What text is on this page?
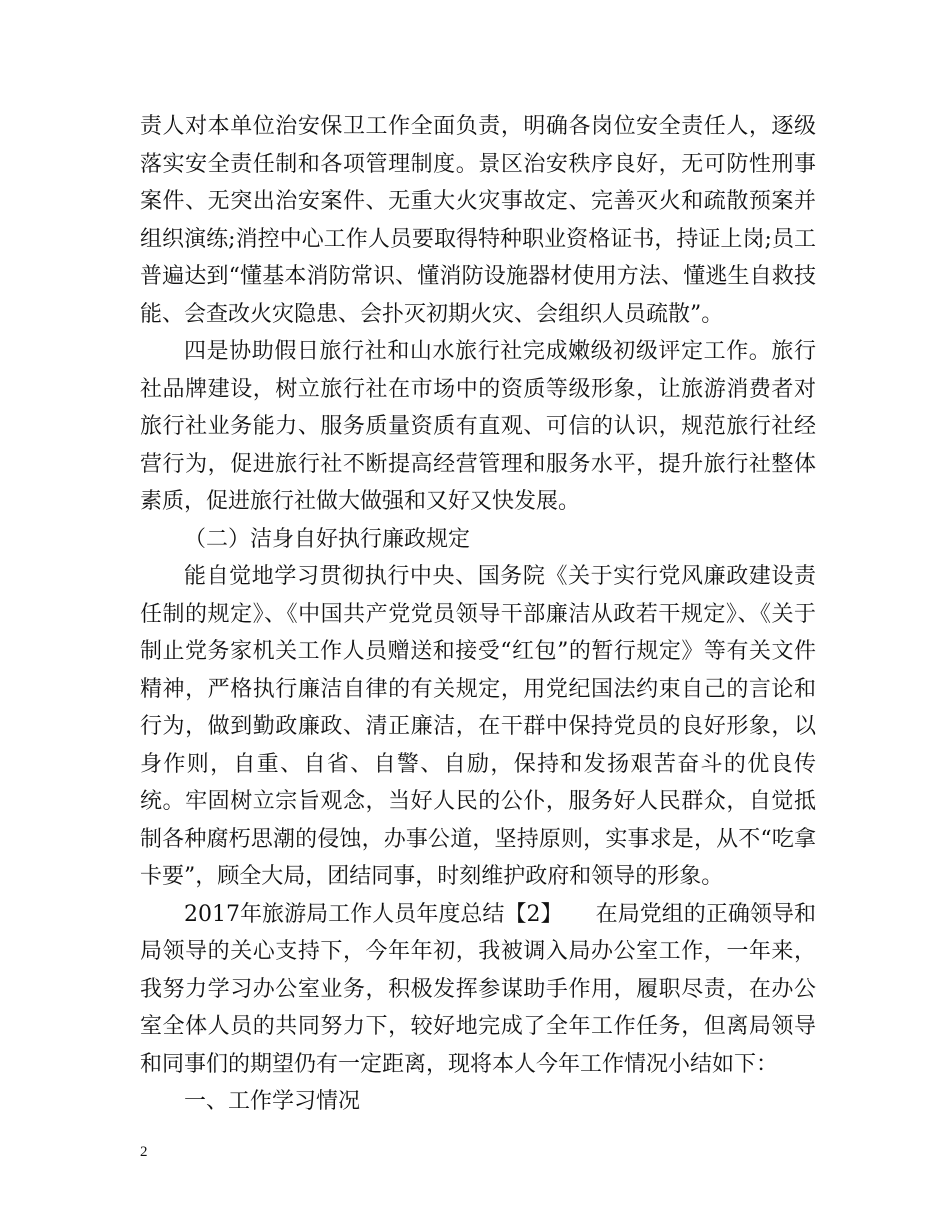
责人对本单位治安保卫工作全面负责，明确各岗位安全责任人，逐级落实安全责任制和各项管理制度。景区治安秩序良好，无可防性刑事案件、无突出治安案件、无重大火灾事故定、完善灭火和疏散预案并组织演练;消控中心工作人员要取得特种职业资格证书，持证上岗;员工普遍达到“懂基本消防常识、懂消防设施器材使用方法、懂逃生自救技能、会查改火灾隐患、会扑灭初期火灾、会组织人员疏散”。

四是协助假日旅行社和山水旅行社完成嫩级初级评定工作。旅行社品牌建设，树立旅行社在市场中的资质等级形象，让旅游消费者对旅行社业务能力、服务质量资质有直观、可信的认识，规范旅行社经营行为，促进旅行社不断提高经营管理和服务水平，提升旅行社整体素质，促进旅行社做大做强和又好又快发展。

（二）洁身自好执行廉政规定

能自觉地学习贯彻执行中央、国务院《关于实行党风廉政建设责任制的规定》、《中国共产党党员领导干部廉洁从政若干规定》、《关于制止党务家机关工作人员赠送和接受“红包”的暂行规定》等有关文件精神，严格执行廉洁自律的有关规定，用党纪国法约束自己的言论和行为，做到勤政廉政、清正廉洁，在干群中保持党员的良好形象，以身作则，自重、自省、自警、自励，保持和发扬艰苦奋斗的优良传统。牢固树立宗旨观念，当好人民的公仆，服务好人民群众，自觉抵制各种腐朽思潮的侵蚀，办事公道，坚持原则，实事求是，从不“吃拿卡要”，顾全大局，团结同事，时刻维护政府和领导的形象。

2017年旅游局工作人员年度总结【2】　　在局党组的正确领导和局领导的关心支持下，今年年初，我被调入局办公室工作，一年来，我努力学习办公室业务，积极发挥参谋助手作用，履职尽责，在办公室全体人员的共同努力下，较好地完成了全年工作任务，但离局领导和同事们的期望仍有一定距离，现将本人今年工作情况小结如下：

一、工作学习情况

2
